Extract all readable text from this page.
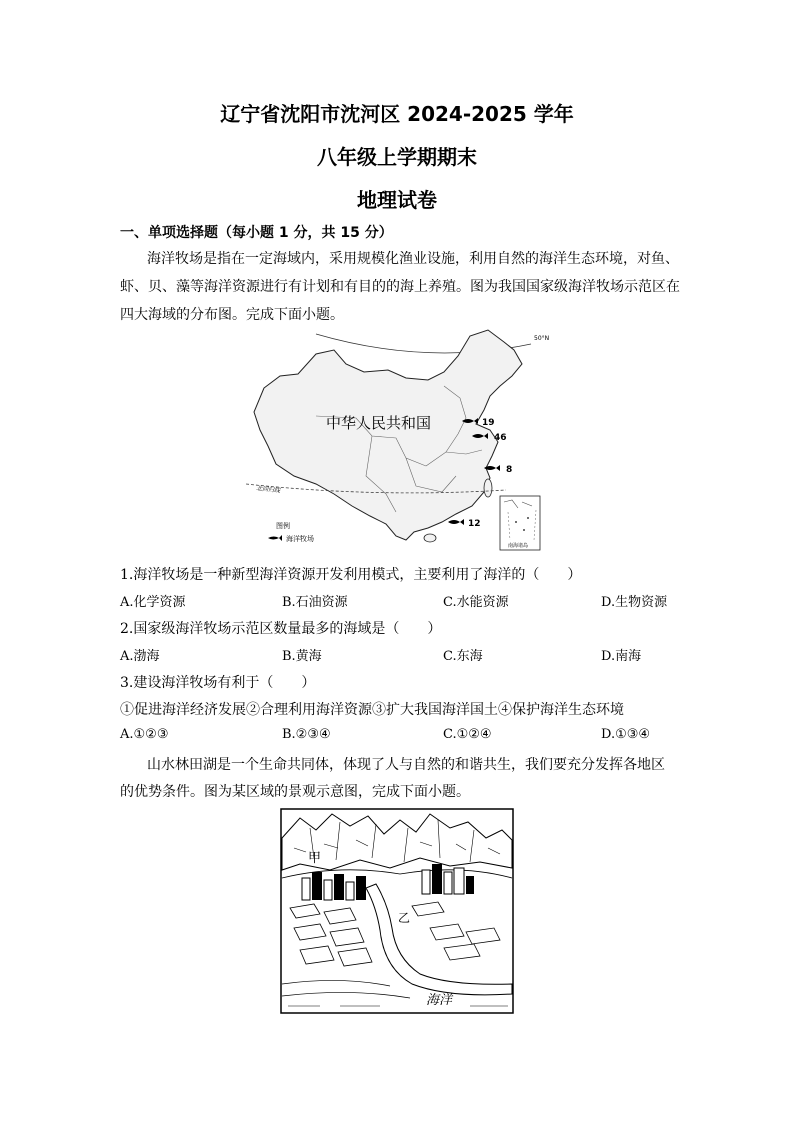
辽宁省沈阳市沈河区 2024-2025 学年
八年级上学期期末
地理试卷
一、单项选择题（每小题 1 分，共 15 分）
海洋牧场是指在一定海域内，采用规模化渔业设施，利用自然的海洋生态环境，对鱼、
虾、贝、藻等海洋资源进行有计划和有目的的海上养殖。图为我国国家级海洋牧场示范区在
四大海域的分布图。完成下面小题。
50°N
北回归线
中华人民共和国	19
46
8
12
图例
海洋牧场
南海诸岛
1.海洋牧场是一种新型海洋资源开发利用模式，主要利用了海洋的（　　）
A.化学资源	B.石油资源	C.水能资源	D.生物资源
2.国家级海洋牧场示范区数量最多的海域是（　　）
A.渤海	B.黄海	C.东海	D.南海
3.建设海洋牧场有利于（　　）
①促进海洋经济发展②合理利用海洋资源③扩大我国海洋国土④保护海洋生态环境
A.①②③	B.②③④	C.①②④	D.①③④
山水林田湖是一个生命共同体，体现了人与自然的和谐共生，我们要充分发挥各地区
的优势条件。图为某区域的景观示意图，完成下面小题。
甲
乙
海洋
